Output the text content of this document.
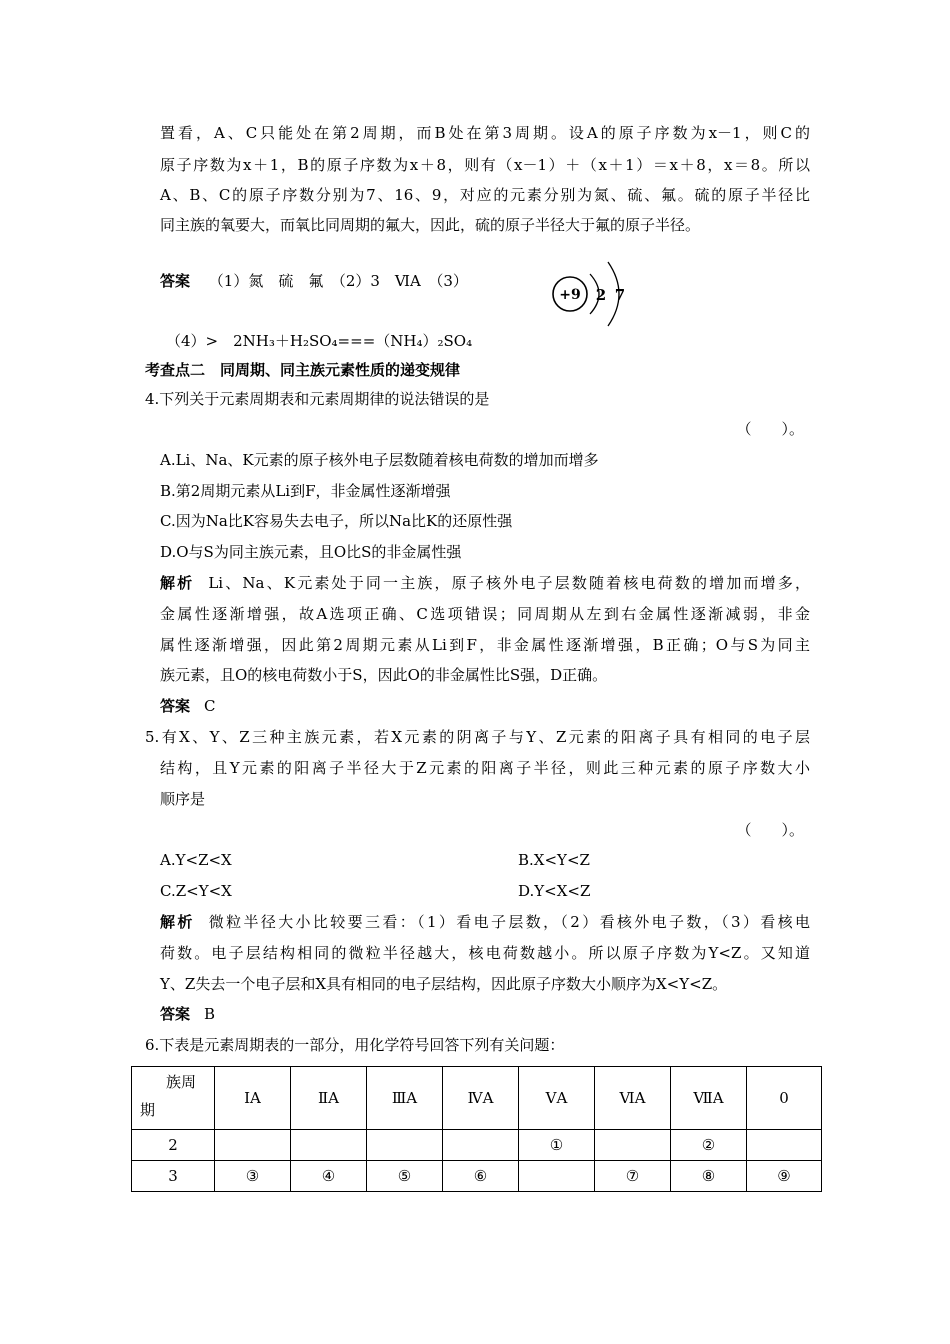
置看，A、C只能处在第2周期，而B处在第3周期。设A的原子序数为x－1，则C的
原子序数为x＋1，B的原子序数为x＋8，则有（x－1）＋（x＋1）＝x＋8，x＝8。所以
A、B、C的原子序数分别为7、16、9，对应的元素分别为氮、硫、氟。硫的原子半径比
同主族的氧要大，而氧比同周期的氟大，因此，硫的原子半径大于氟的原子半径。
答案 （1）氮　硫　氟　（2）3　ⅥA　（3）
+9 2 7
（4）>　2NH₃＋H₂SO₄===（NH₄）₂SO₄
考查点二　同周期、同主族元素性质的递变规律
4.下列关于元素周期表和元素周期律的说法错误的是
（　　）。
A.Li、Na、K元素的原子核外电子层数随着核电荷数的增加而增多
B.第2周期元素从Li到F，非金属性逐渐增强
C.因为Na比K容易失去电子，所以Na比K的还原性强
D.O与S为同主族元素，且O比S的非金属性强
解析 Li、Na、K元素处于同一主族，原子核外电子层数随着核电荷数的增加而增多，
金属性逐渐增强，故A选项正确、C选项错误；同周期从左到右金属性逐渐减弱，非金
属性逐渐增强，因此第2周期元素从Li到F，非金属性逐渐增强，B正确；O与S为同主
族元素，且O的核电荷数小于S，因此O的非金属性比S强，D正确。
答案 C
5.有X、Y、Z三种主族元素，若X元素的阴离子与Y、Z元素的阳离子具有相同的电子层
结构，且Y元素的阳离子半径大于Z元素的阳离子半径，则此三种元素的原子序数大小
顺序是
（　　）。
A.Y<Z<X	B.X<Y<Z
C.Z<Y<X	D.Y<X<Z
解析 微粒半径大小比较要三看：（1）看电子层数，（2）看核外电子数，（3）看核电
荷数。电子层结构相同的微粒半径越大，核电荷数越小。所以原子序数为Y<Z。又知道
Y、Z失去一个电子层和X具有相同的电子层结构，因此原子序数大小顺序为X<Y<Z。
答案 B
6.下表是元素周期表的一部分，用化学符号回答下列有关问题：
族周
期	ⅠA	ⅡA	ⅢA	ⅣA	ⅤA	ⅥA	ⅦA	0
2					①		②	
3	③	④	⑤	⑥		⑦	⑧	⑨
